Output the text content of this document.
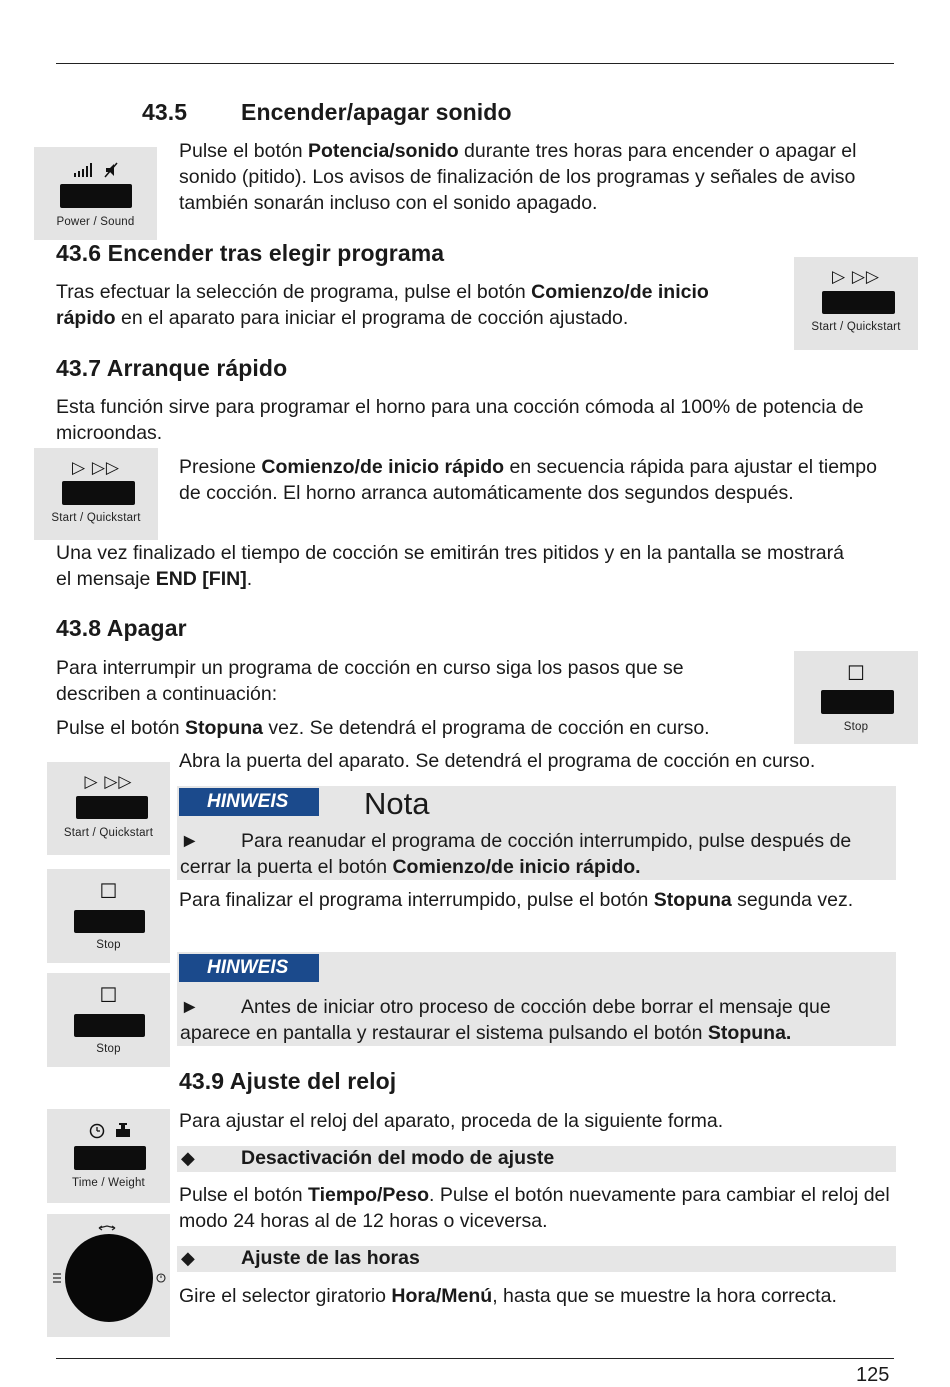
43.5 Encender/apagar sonido
Power / Sound
Pulse el botón Potencia/sonido durante tres horas para encender o apagar el sonido (pitido). Los avisos de finalización de los programas y señales de aviso también sonarán incluso con el sonido apagado.
43.6 Encender tras elegir programa
Tras efectuar la selección de programa, pulse el botón Comienzo/de inicio rápido en el aparato para iniciar el programa de cocción ajustado.
▷ ▷▷
Start / Quickstart
43.7 Arranque rápido
Esta función sirve para programar el horno para una cocción cómoda al 100% de potencia de microondas.
▷ ▷▷
Start / Quickstart
Presione Comienzo/de inicio rápido en secuencia rápida para ajustar el tiempo de cocción. El horno arranca automáticamente dos segundos después.
Una vez finalizado el tiempo de cocción se emitirán tres pitidos y en la pantalla se mostrará el mensaje END [FIN].
43.8 Apagar
Para interrumpir un programa de cocción en curso siga los pasos que se describen a continuación:
Pulse el botón Stopuna vez. Se detendrá el programa de cocción en curso.
☐
Stop
Abra la puerta del aparato. Se detendrá el programa de cocción en curso.
▷ ▷▷
Start / Quickstart
HINWEIS	Nota
►	Para reanudar el programa de cocción interrumpido, pulse después de cerrar la puerta el botón Comienzo/de inicio rápido.
☐
Stop
Para finalizar el programa interrumpido, pulse el botón Stopuna segunda vez.
HINWEIS
►	Antes de iniciar otro proceso de cocción debe borrar el mensaje que aparece en pantalla y restaurar el sistema pulsando el botón Stopuna.
☐
Stop
43.9 Ajuste del reloj
Para ajustar el reloj del aparato, proceda de la siguiente forma.
Time / Weight
◆ Desactivación del modo de ajuste
Pulse el botón Tiempo/Peso. Pulse el botón nuevamente para cambiar el reloj del modo 24 horas al de 12 horas o viceversa.
◆ Ajuste de las horas
Gire el selector giratorio Hora/Menú, hasta que se muestre la hora correcta.
125
